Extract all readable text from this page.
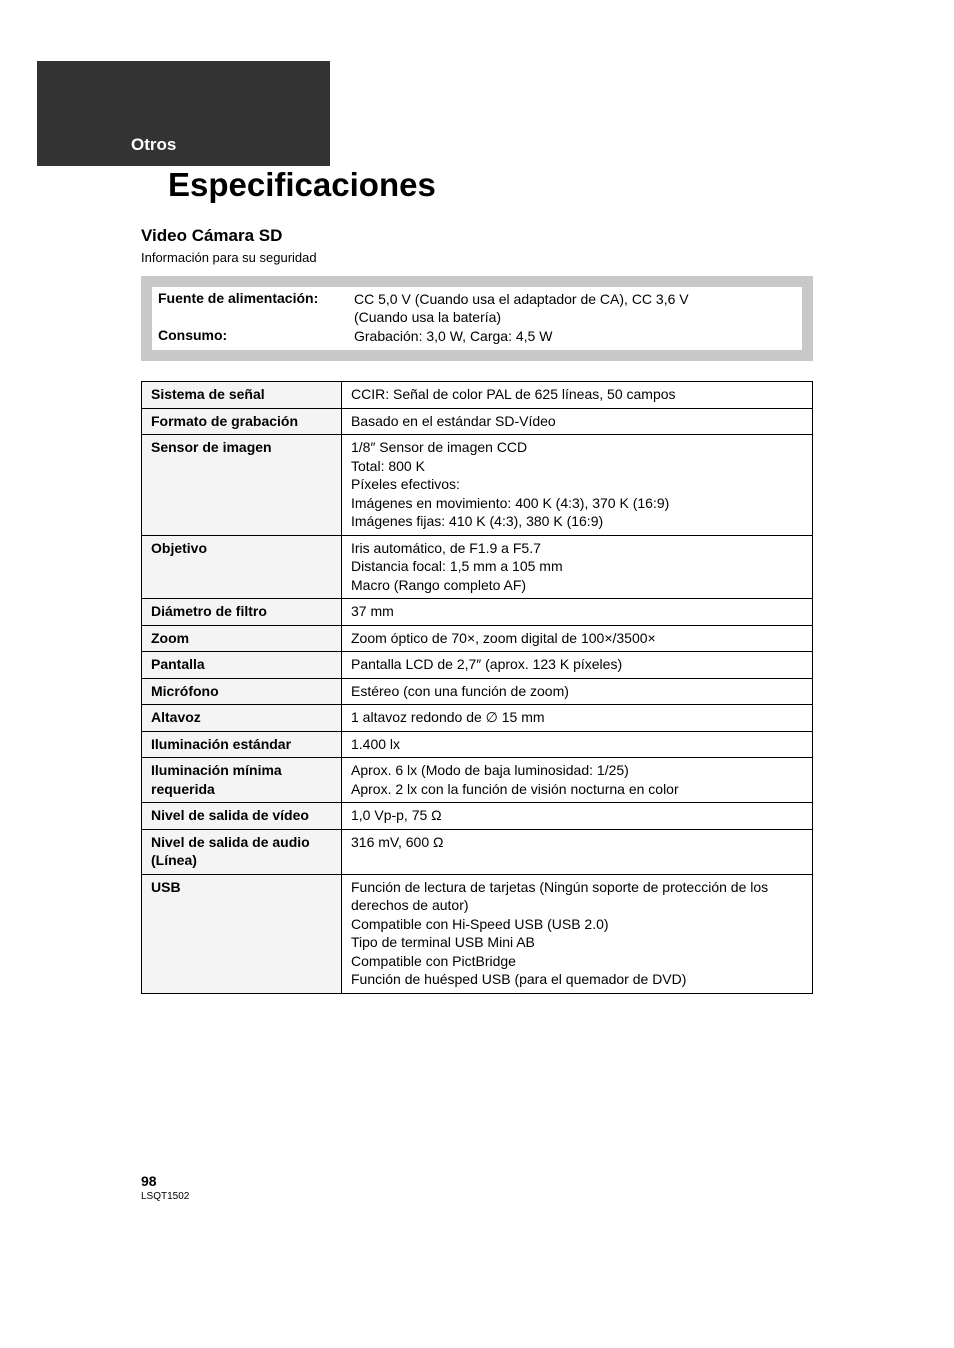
Otros
Especificaciones
Video Cámara SD
Información para su seguridad
Fuente de alimentación:	CC 5,0 V (Cuando usa el adaptador de CA), CC 3,6 V
(Cuando usa la batería)
Consumo:	Grabación: 3,0 W, Carga: 4,5 W
Sistema de señal	CCIR: Señal de color PAL de 625 líneas, 50 campos
Formato de grabación	Basado en el estándar SD-Vídeo
Sensor de imagen	1/8″ Sensor de imagen CCD
Total: 800 K
Píxeles efectivos:
Imágenes en movimiento: 400 K (4:3), 370 K (16:9)
Imágenes fijas: 410 K (4:3), 380 K (16:9)
Objetivo	Iris automático, de F1.9 a F5.7
Distancia focal: 1,5 mm a 105 mm
Macro (Rango completo AF)
Diámetro de filtro	37 mm
Zoom	Zoom óptico de 70×, zoom digital de 100×/3500×
Pantalla	Pantalla LCD de 2,7″ (aprox. 123 K píxeles)
Micrófono	Estéreo (con una función de zoom)
Altavoz	1 altavoz redondo de ∅ 15 mm
Iluminación estándar	1.400 lx
Iluminación mínima requerida	Aprox. 6 lx (Modo de baja luminosidad: 1/25)
Aprox. 2 lx con la función de visión nocturna en color
Nivel de salida de vídeo	1,0 Vp-p, 75 Ω
Nivel de salida de audio (Línea)	316 mV, 600 Ω
USB	Función de lectura de tarjetas (Ningún soporte de protección de los derechos de autor)
Compatible con Hi-Speed USB (USB 2.0)
Tipo de terminal USB Mini AB
Compatible con PictBridge
Función de huésped USB (para el quemador de DVD)
98
LSQT1502
